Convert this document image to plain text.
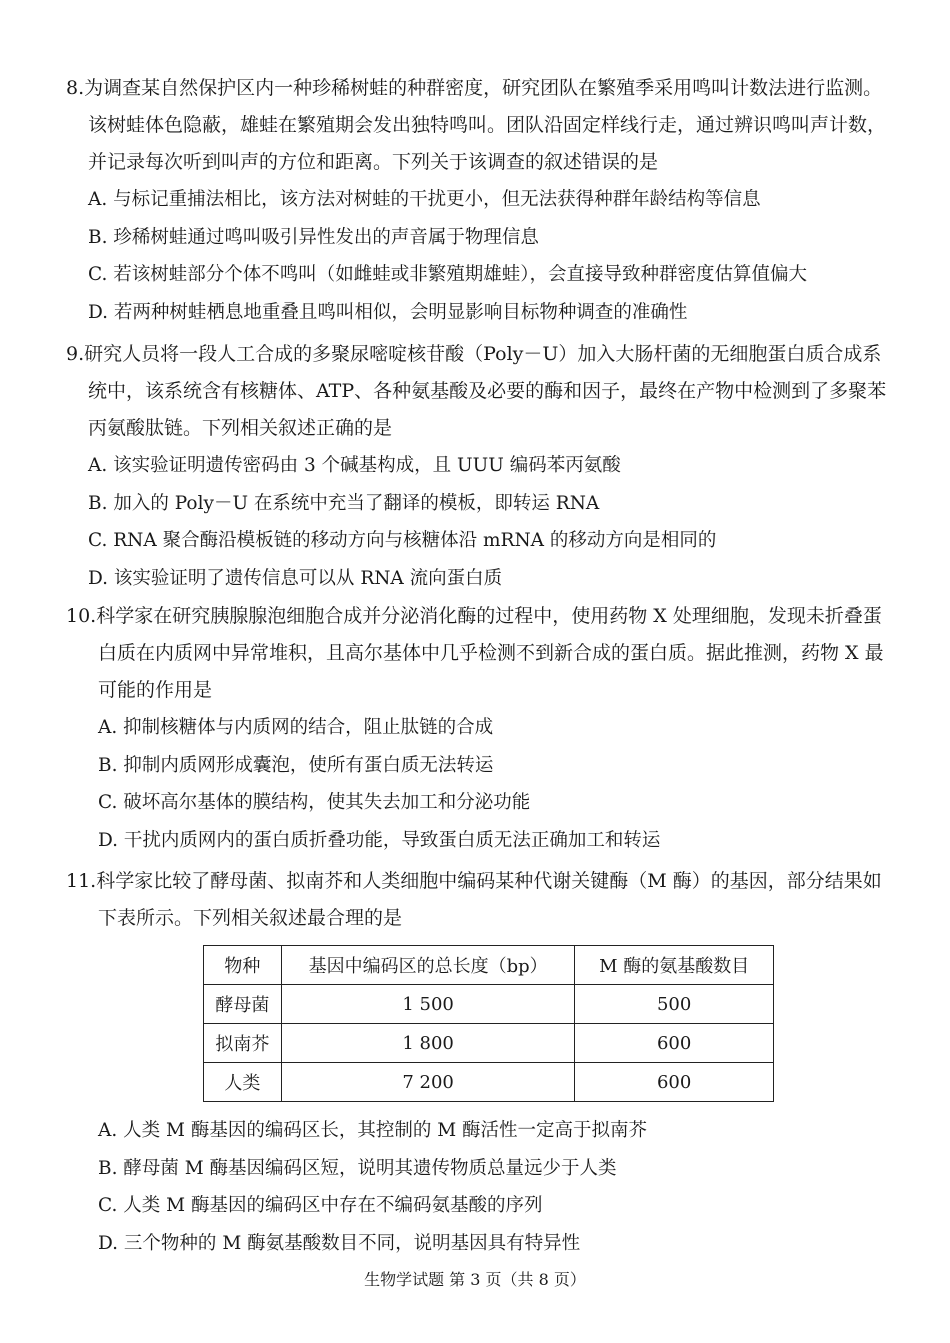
8.为调查某自然保护区内一种珍稀树蛙的种群密度，研究团队在繁殖季采用鸣叫计数法进行监测。该树蛙体色隐蔽，雄蛙在繁殖期会发出独特鸣叫。团队沿固定样线行走，通过辨识鸣叫声计数，并记录每次听到叫声的方位和距离。下列关于该调查的叙述错误的是

A. 与标记重捕法相比，该方法对树蛙的干扰更小，但无法获得种群年龄结构等信息

B. 珍稀树蛙通过鸣叫吸引异性发出的声音属于物理信息

C. 若该树蛙部分个体不鸣叫（如雌蛙或非繁殖期雄蛙），会直接导致种群密度估算值偏大

D. 若两种树蛙栖息地重叠且鸣叫相似，会明显影响目标物种调查的准确性

9.研究人员将一段人工合成的多聚尿嘧啶核苷酸（Poly－U）加入大肠杆菌的无细胞蛋白质合成系统中，该系统含有核糖体、ATP、各种氨基酸及必要的酶和因子，最终在产物中检测到了多聚苯丙氨酸肽链。下列相关叙述正确的是

A. 该实验证明遗传密码由 3 个碱基构成，且 UUU 编码苯丙氨酸

B. 加入的 Poly－U 在系统中充当了翻译的模板，即转运 RNA

C. RNA 聚合酶沿模板链的移动方向与核糖体沿 mRNA 的移动方向是相同的

D. 该实验证明了遗传信息可以从 RNA 流向蛋白质

10.科学家在研究胰腺腺泡细胞合成并分泌消化酶的过程中，使用药物 X 处理细胞，发现未折叠蛋白质在内质网中异常堆积，且高尔基体中几乎检测不到新合成的蛋白质。据此推测，药物 X 最可能的作用是

A. 抑制核糖体与内质网的结合，阻止肽链的合成

B. 抑制内质网形成囊泡，使所有蛋白质无法转运

C. 破坏高尔基体的膜结构，使其失去加工和分泌功能

D. 干扰内质网内的蛋白质折叠功能，导致蛋白质无法正确加工和转运

11.科学家比较了酵母菌、拟南芥和人类细胞中编码某种代谢关键酶（M 酶）的基因，部分结果如下表所示。下列相关叙述最合理的是

物种	基因中编码区的总长度（bp）	M 酶的氨基酸数目
酵母菌	1 500	500
拟南芥	1 800	600
人类	7 200	600

A. 人类 M 酶基因的编码区长，其控制的 M 酶活性一定高于拟南芥

B. 酵母菌 M 酶基因编码区短，说明其遗传物质总量远少于人类

C. 人类 M 酶基因的编码区中存在不编码氨基酸的序列

D. 三个物种的 M 酶氨基酸数目不同，说明基因具有特异性

生物学试题 第 3 页（共 8 页）
